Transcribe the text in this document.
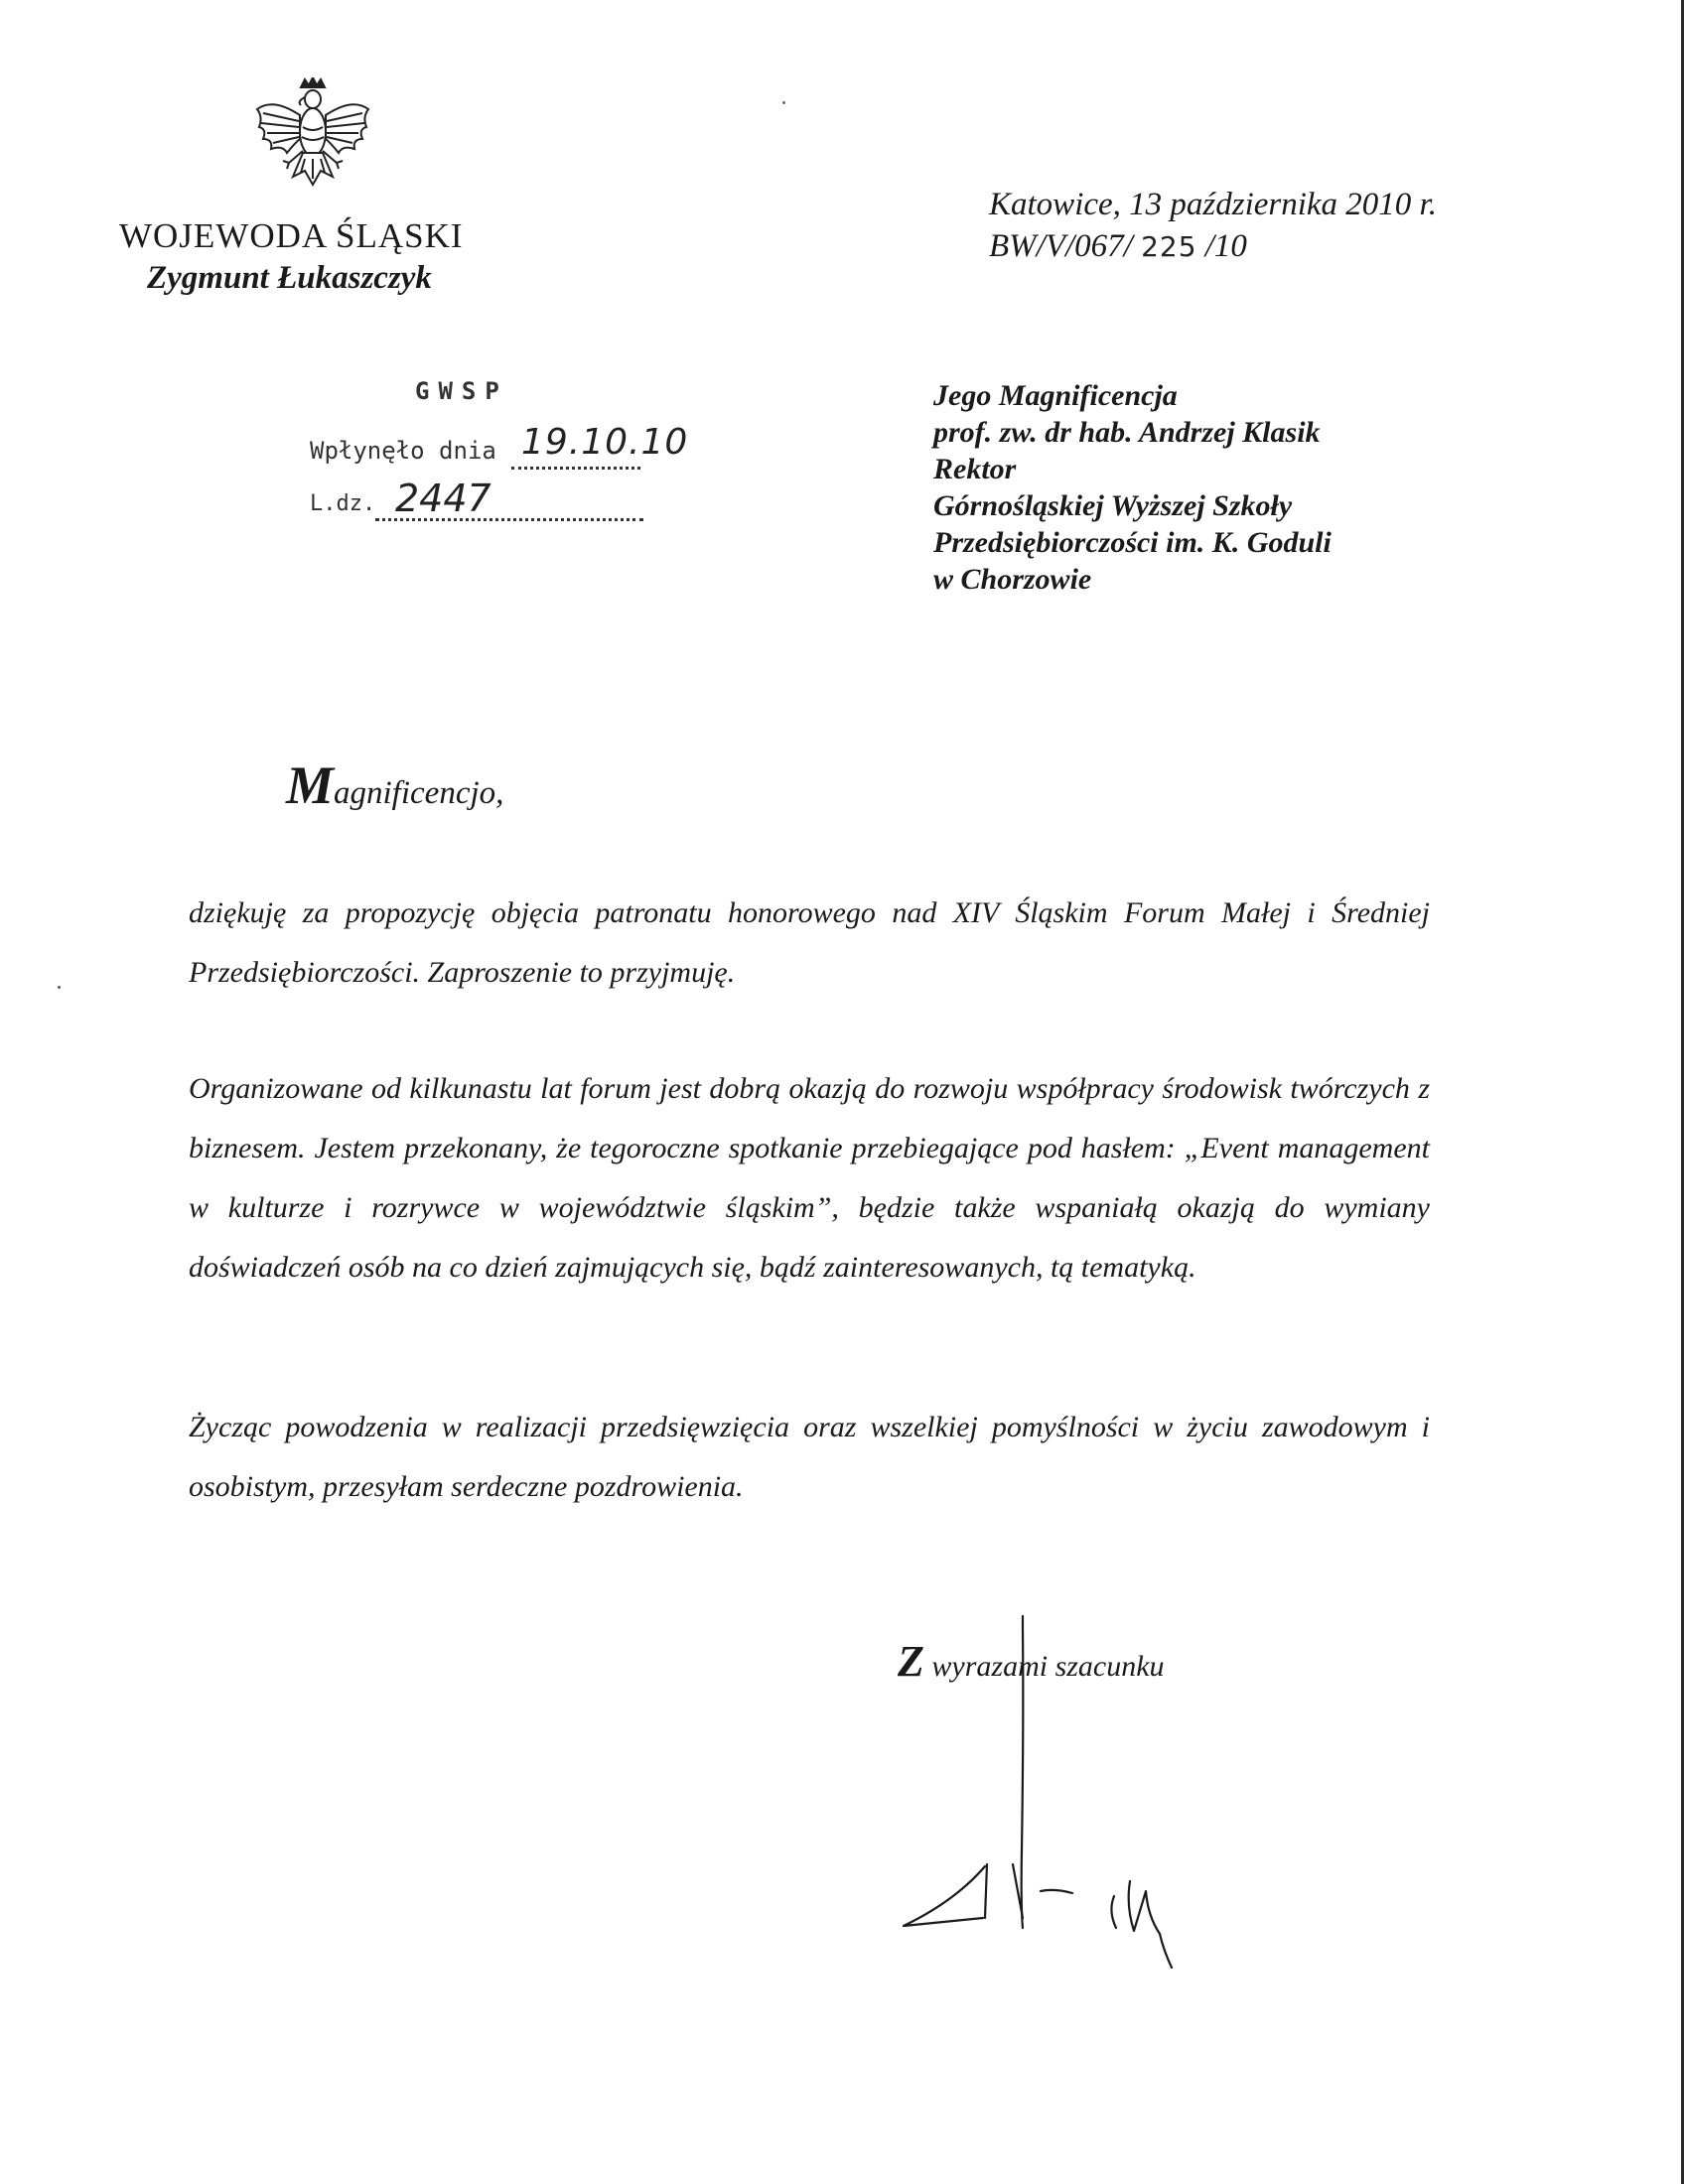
WOJEWODA ŚLĄSKI
Zygmunt Łukaszczyk
Katowice, 13 października 2010 r.
BW/V/067/ 225 /10
GWSP
Wpłynęło dnia 19.10.10
L.dz. 2447
Jego Magnificencja
prof. zw. dr hab. Andrzej Klasik
Rektor
Górnośląskiej Wyższej Szkoły
Przedsiębiorczości im. K. Goduli
w Chorzowie
Magnificencjo,
dziękuję za propozycję objęcia patronatu honorowego nad XIV Śląskim Forum Małej i Średniej Przedsiębiorczości. Zaproszenie to przyjmuję.
Organizowane od kilkunastu lat forum jest dobrą okazją do rozwoju współpracy środowisk twórczych z biznesem. Jestem przekonany, że tegoroczne spotkanie przebiegające pod hasłem: „Event management w kulturze i rozrywce w województwie śląskim”, będzie także wspaniałą okazją do wymiany doświadczeń osób na co dzień zajmujących się, bądź zainteresowanych, tą tematyką.
Życząc powodzenia w realizacji przedsięwzięcia oraz wszelkiej pomyślności w życiu zawodowym i osobistym, przesyłam serdeczne pozdrowienia.
Z wyrazami szacunku
